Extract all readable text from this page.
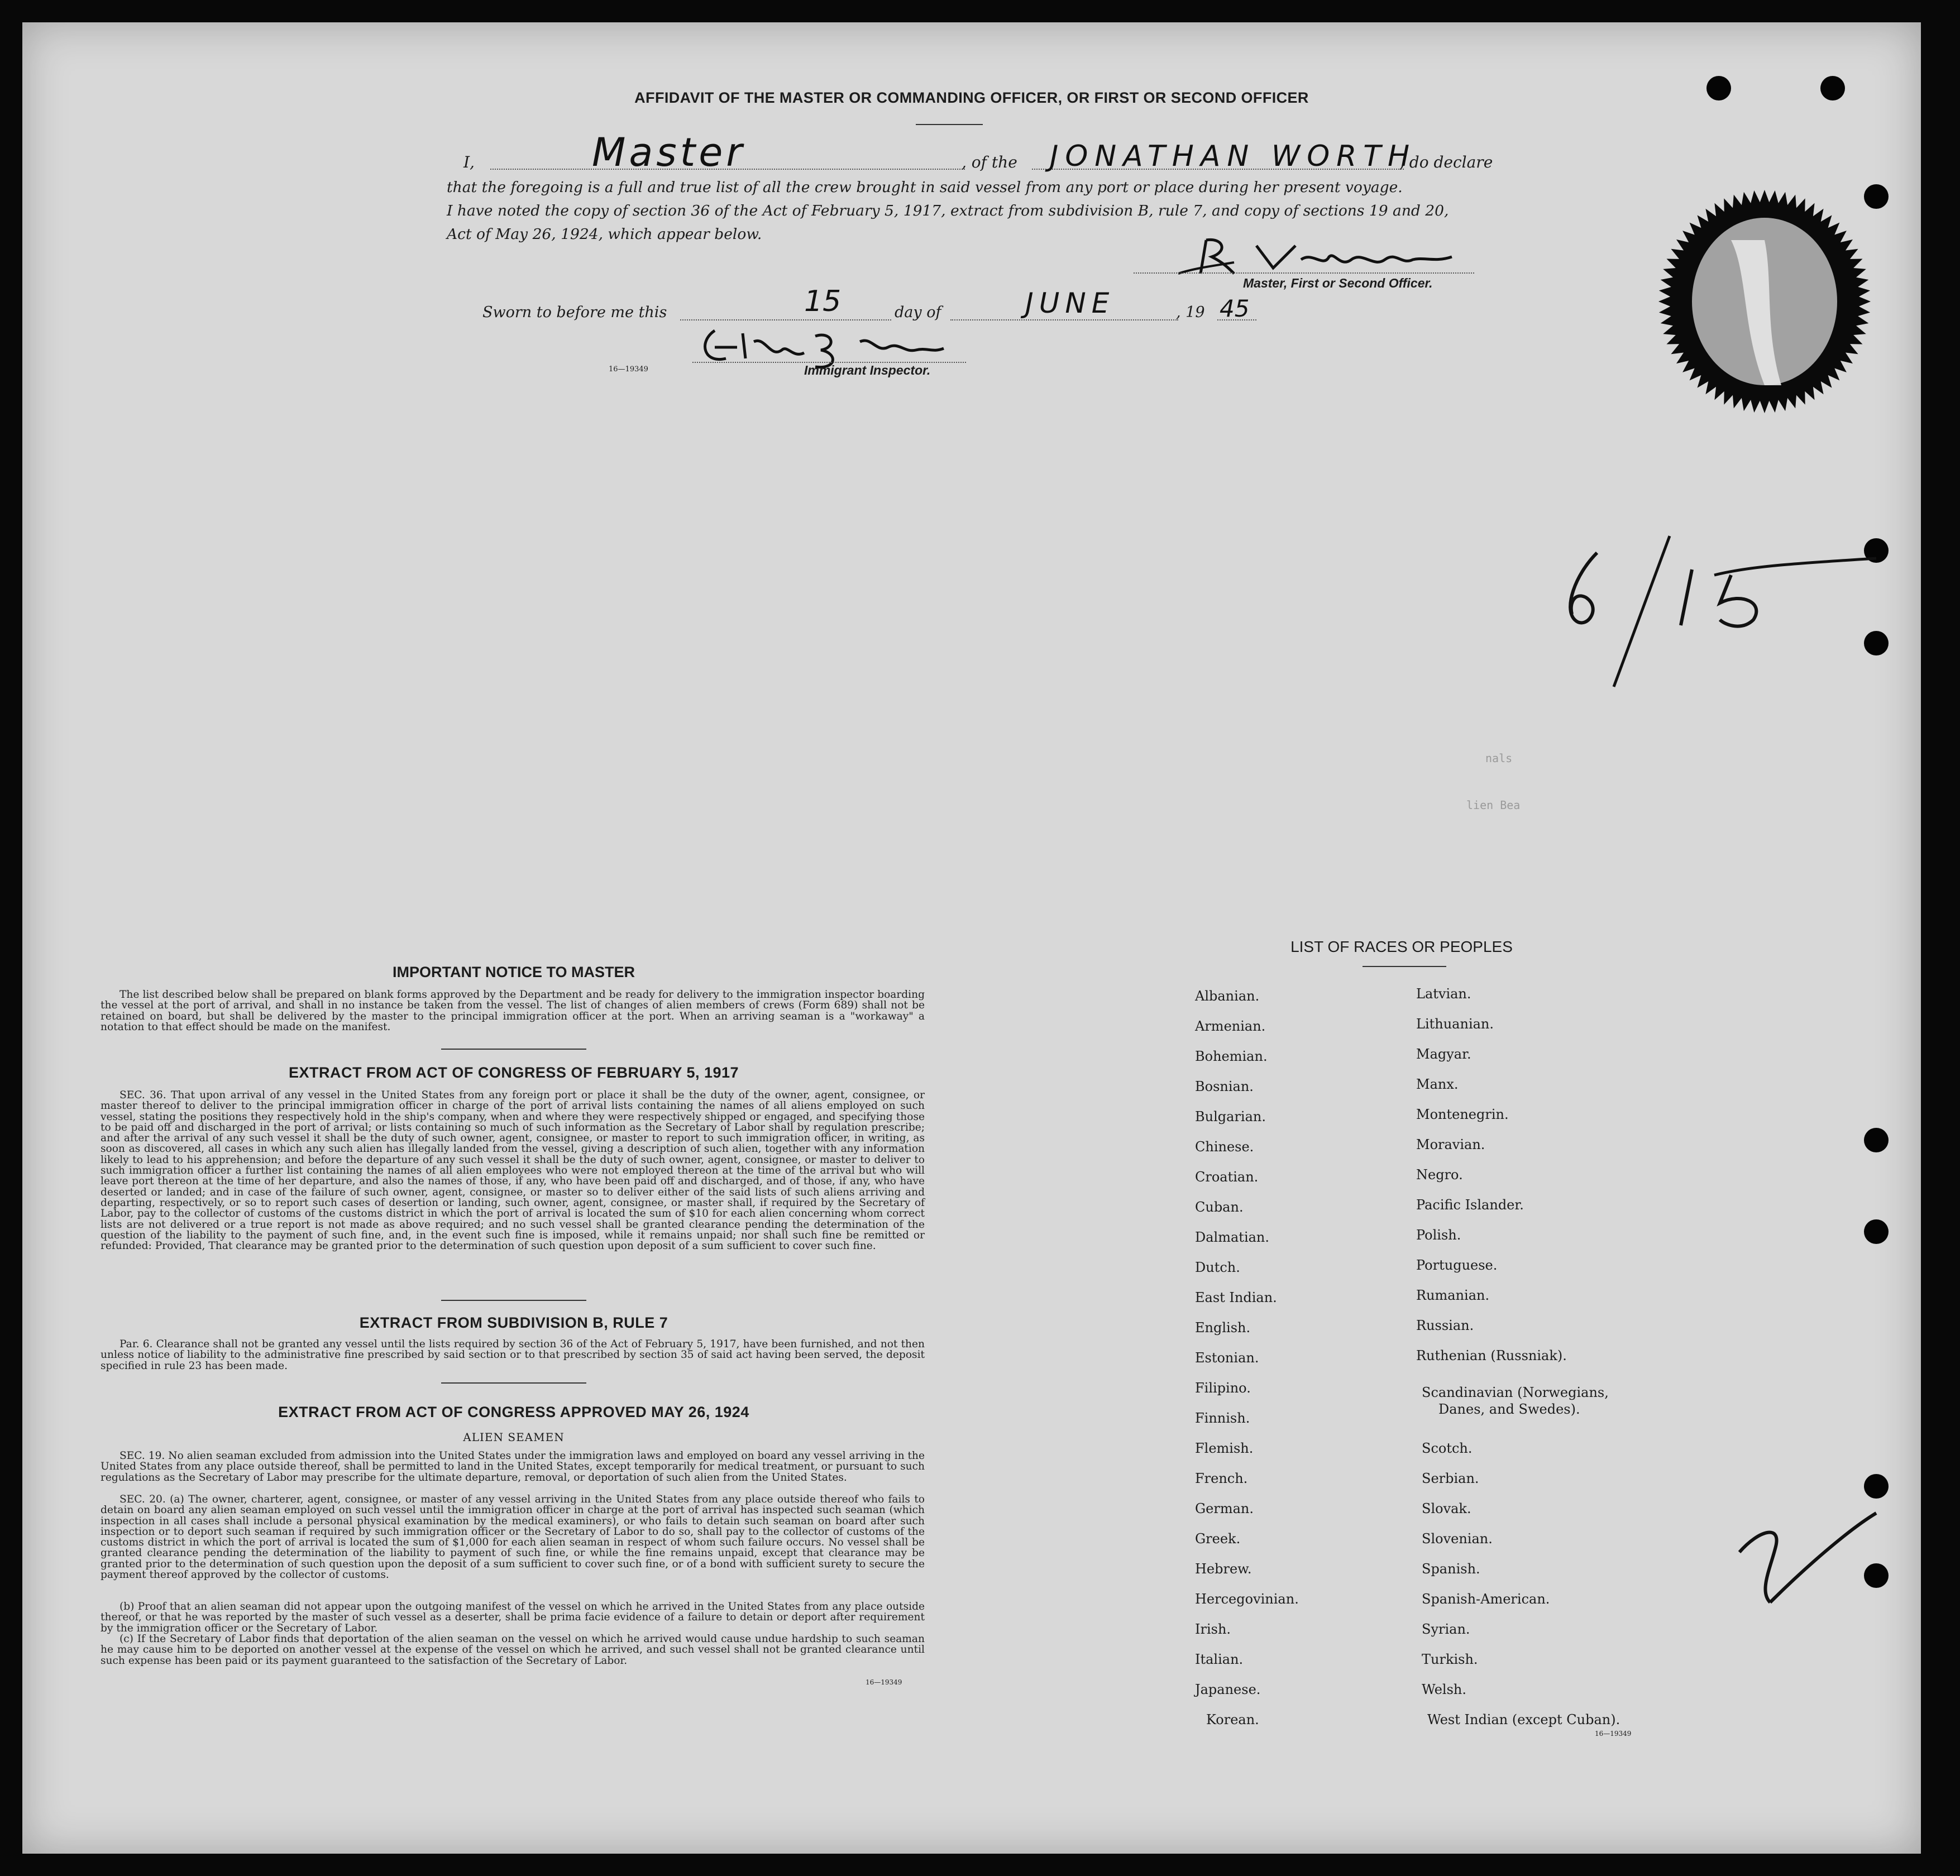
AFFIDAVIT OF THE MASTER OR COMMANDING OFFICER, OR FIRST OR SECOND OFFICER
I,	Master	, of the JONATHAN WORTH
, do declare
that the foregoing is a full and true list of all the crew brought in said vessel from any port or place during her present voyage.
I have noted the copy of section 36 of the Act of February 5, 1917, extract from subdivision B, rule 7, and copy of sections 19 and 20,
Act of May 26, 1924, which appear below.
Master, First or Second Officer.
Sworn to before me this	15	day of	JUNE	, 19 45
16—19349	Immigrant Inspector.
nals
lien Bea
IMPORTANT NOTICE TO MASTER

The list described below shall be prepared on blank forms approved by the Department and be ready for delivery to the immigration inspector boarding the vessel at the port of arrival, and shall in no instance be taken from the vessel. The list of changes of alien members of crews (Form 689) shall not be retained on board, but shall be delivered by the master to the principal immigration officer at the port. When an arriving seaman is a "workaway" a notation to that effect should be made on the manifest.

EXTRACT FROM ACT OF CONGRESS OF FEBRUARY 5, 1917

SEC. 36. That upon arrival of any vessel in the United States from any foreign port or place it shall be the duty of the owner, agent, consignee, or master thereof to deliver to the principal immigration officer in charge of the port of arrival lists containing the names of all aliens employed on such vessel, stating the positions they respectively hold in the ship's company, when and where they were respectively shipped or engaged, and specifying those to be paid off and discharged in the port of arrival; or lists containing so much of such information as the Secretary of Labor shall by regulation prescribe; and after the arrival of any such vessel it shall be the duty of such owner, agent, consignee, or master to report to such immigration officer, in writing, as soon as discovered, all cases in which any such alien has illegally landed from the vessel, giving a description of such alien, together with any information likely to lead to his apprehension; and before the departure of any such vessel it shall be the duty of such owner, agent, consignee, or master to deliver to such immigration officer a further list containing the names of all alien employees who were not employed thereon at the time of the arrival but who will leave port thereon at the time of her departure, and also the names of those, if any, who have been paid off and discharged, and of those, if any, who have deserted or landed; and in case of the failure of such owner, agent, consignee, or master so to deliver either of the said lists of such aliens arriving and departing, respectively, or so to report such cases of desertion or landing, such owner, agent, consignee, or master shall, if required by the Secretary of Labor, pay to the collector of customs of the customs district in which the port of arrival is located the sum of $10 for each alien concerning whom correct lists are not delivered or a true report is not made as above required; and no such vessel shall be granted clearance pending the determination of the question of the liability to the payment of such fine, and, in the event such fine is imposed, while it remains unpaid; nor shall such fine be remitted or refunded: Provided, That clearance may be granted prior to the determination of such question upon deposit of a sum sufficient to cover such fine.

EXTRACT FROM SUBDIVISION B, RULE 7

Par. 6. Clearance shall not be granted any vessel until the lists required by section 36 of the Act of February 5, 1917, have been furnished, and not then unless notice of liability to the administrative fine prescribed by said section or to that prescribed by section 35 of said act having been served, the deposit specified in rule 23 has been made.

EXTRACT FROM ACT OF CONGRESS APPROVED MAY 26, 1924
ALIEN SEAMEN

SEC. 19. No alien seaman excluded from admission into the United States under the immigration laws and employed on board any vessel arriving in the United States from any place outside thereof, shall be permitted to land in the United States, except temporarily for medical treatment, or pursuant to such regulations as the Secretary of Labor may prescribe for the ultimate departure, removal, or deportation of such alien from the United States.

SEC. 20. (a) The owner, charterer, agent, consignee, or master of any vessel arriving in the United States from any place outside thereof who fails to detain on board any alien seaman employed on such vessel until the immigration officer in charge at the port of arrival has inspected such seaman (which inspection in all cases shall include a personal physical examination by the medical examiners), or who fails to detain such seaman on board after such inspection or to deport such seaman if required by such immigration officer or the Secretary of Labor to do so, shall pay to the collector of customs of the customs district in which the port of arrival is located the sum of $1,000 for each alien seaman in respect of whom such failure occurs. No vessel shall be granted clearance pending the determination of the liability to payment of such fine, or while the fine remains unpaid, except that clearance may be granted prior to the determination of such question upon the deposit of a sum sufficient to cover such fine, or of a bond with sufficient surety to secure the payment thereof approved by the collector of customs.

(b) Proof that an alien seaman did not appear upon the outgoing manifest of the vessel on which he arrived in the United States from any place outside thereof, or that he was reported by the master of such vessel as a deserter, shall be prima facie evidence of a failure to detain or deport after requirement by the immigration officer or the Secretary of Labor.

(c) If the Secretary of Labor finds that deportation of the alien seaman on the vessel on which he arrived would cause undue hardship to such seaman he may cause him to be deported on another vessel at the expense of the vessel on which he arrived, and such vessel shall not be granted clearance until such expense has been paid or its payment guaranteed to the satisfaction of the Secretary of Labor.

16—19349
LIST OF RACES OR PEOPLES
Albanian.
Armenian.
Bohemian.
Bosnian.
Bulgarian.
Chinese.
Croatian.
Cuban.
Dalmatian.
Dutch.
East Indian.
English.
Estonian.
Filipino.
Finnish.
Flemish.
French.
German.
Greek.
Hebrew.
Hercegovinian.
Irish.
Italian.
Japanese.
Korean.
Latvian.
Lithuanian.
Magyar.
Manx.
Montenegrin.
Moravian.
Negro.
Pacific Islander.
Polish.
Portuguese.
Rumanian.
Russian.
Ruthenian (Russniak).
Scandinavian (Norwegians,
Danes, and Swedes).
Scotch.
Serbian.
Slovak.
Slovenian.
Spanish.
Spanish-American.
Syrian.
Turkish.
Welsh.
West Indian (except Cuban).
16—19349
